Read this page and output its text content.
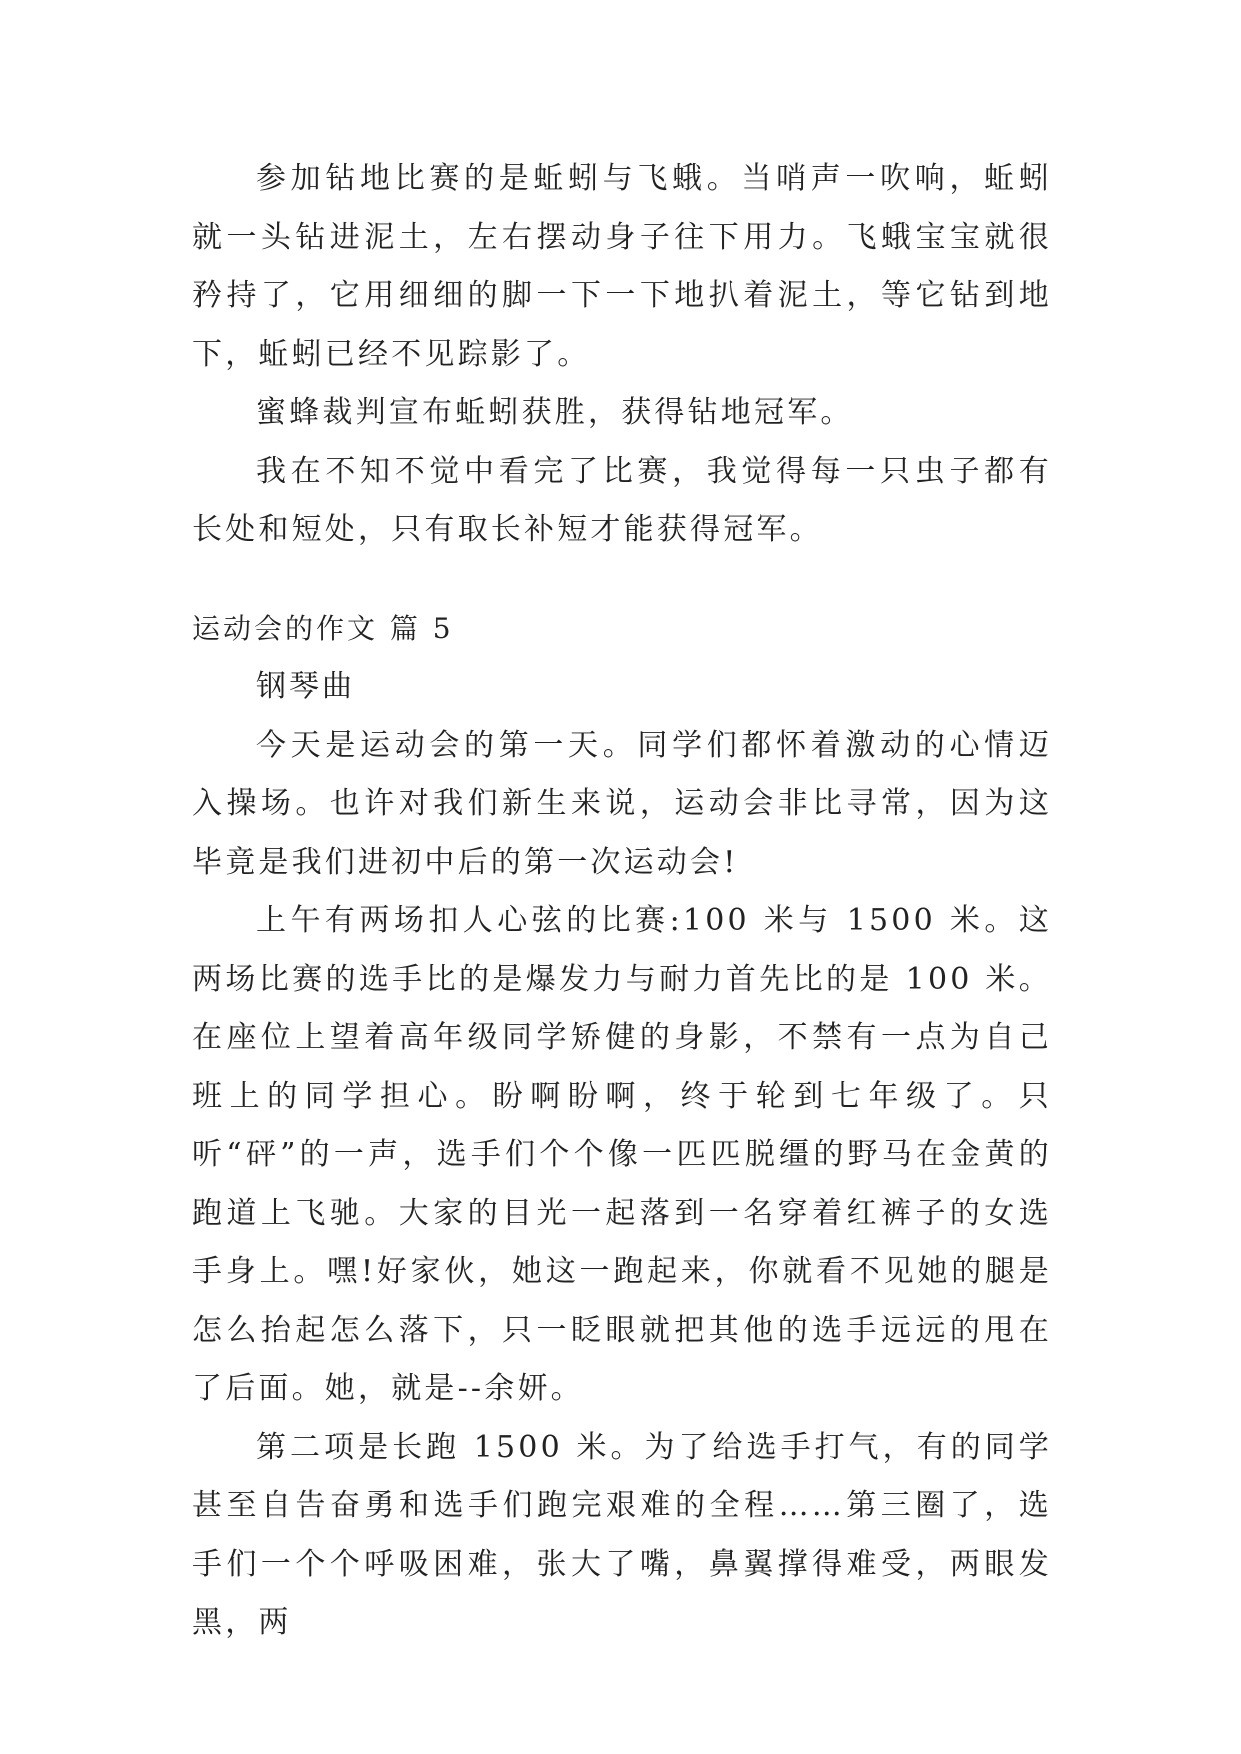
参加钻地比赛的是蚯蚓与飞蛾。当哨声一吹响，蚯蚓就一头钻进泥土，左右摆动身子往下用力。飞蛾宝宝就很矜持了，它用细细的脚一下一下地扒着泥土，等它钻到地下，蚯蚓已经不见踪影了。

蜜蜂裁判宣布蚯蚓获胜，获得钻地冠军。

我在不知不觉中看完了比赛，我觉得每一只虫子都有长处和短处，只有取长补短才能获得冠军。

运动会的作文 篇 5

钢琴曲

今天是运动会的第一天。同学们都怀着激动的心情迈入操场。也许对我们新生来说，运动会非比寻常，因为这毕竟是我们进初中后的第一次运动会!

上午有两场扣人心弦的比赛:100 米与 1500 米。这两场比赛的选手比的是爆发力与耐力首先比的是 100 米。在座位上望着高年级同学矫健的身影，不禁有一点为自己班上的同学担心。盼啊盼啊，终于轮到七年级了。只听“砰”的一声，选手们个个像一匹匹脱缰的野马在金黄的跑道上飞驰。大家的目光一起落到一名穿着红裤子的女选手身上。嘿!好家伙，她这一跑起来，你就看不见她的腿是怎么抬起怎么落下，只一眨眼就把其他的选手远远的甩在了后面。她，就是--余妍。

第二项是长跑 1500 米。为了给选手打气，有的同学甚至自告奋勇和选手们跑完艰难的全程……第三圈了，选手们一个个呼吸困难，张大了嘴，鼻翼撑得难受，两眼发黑，两
